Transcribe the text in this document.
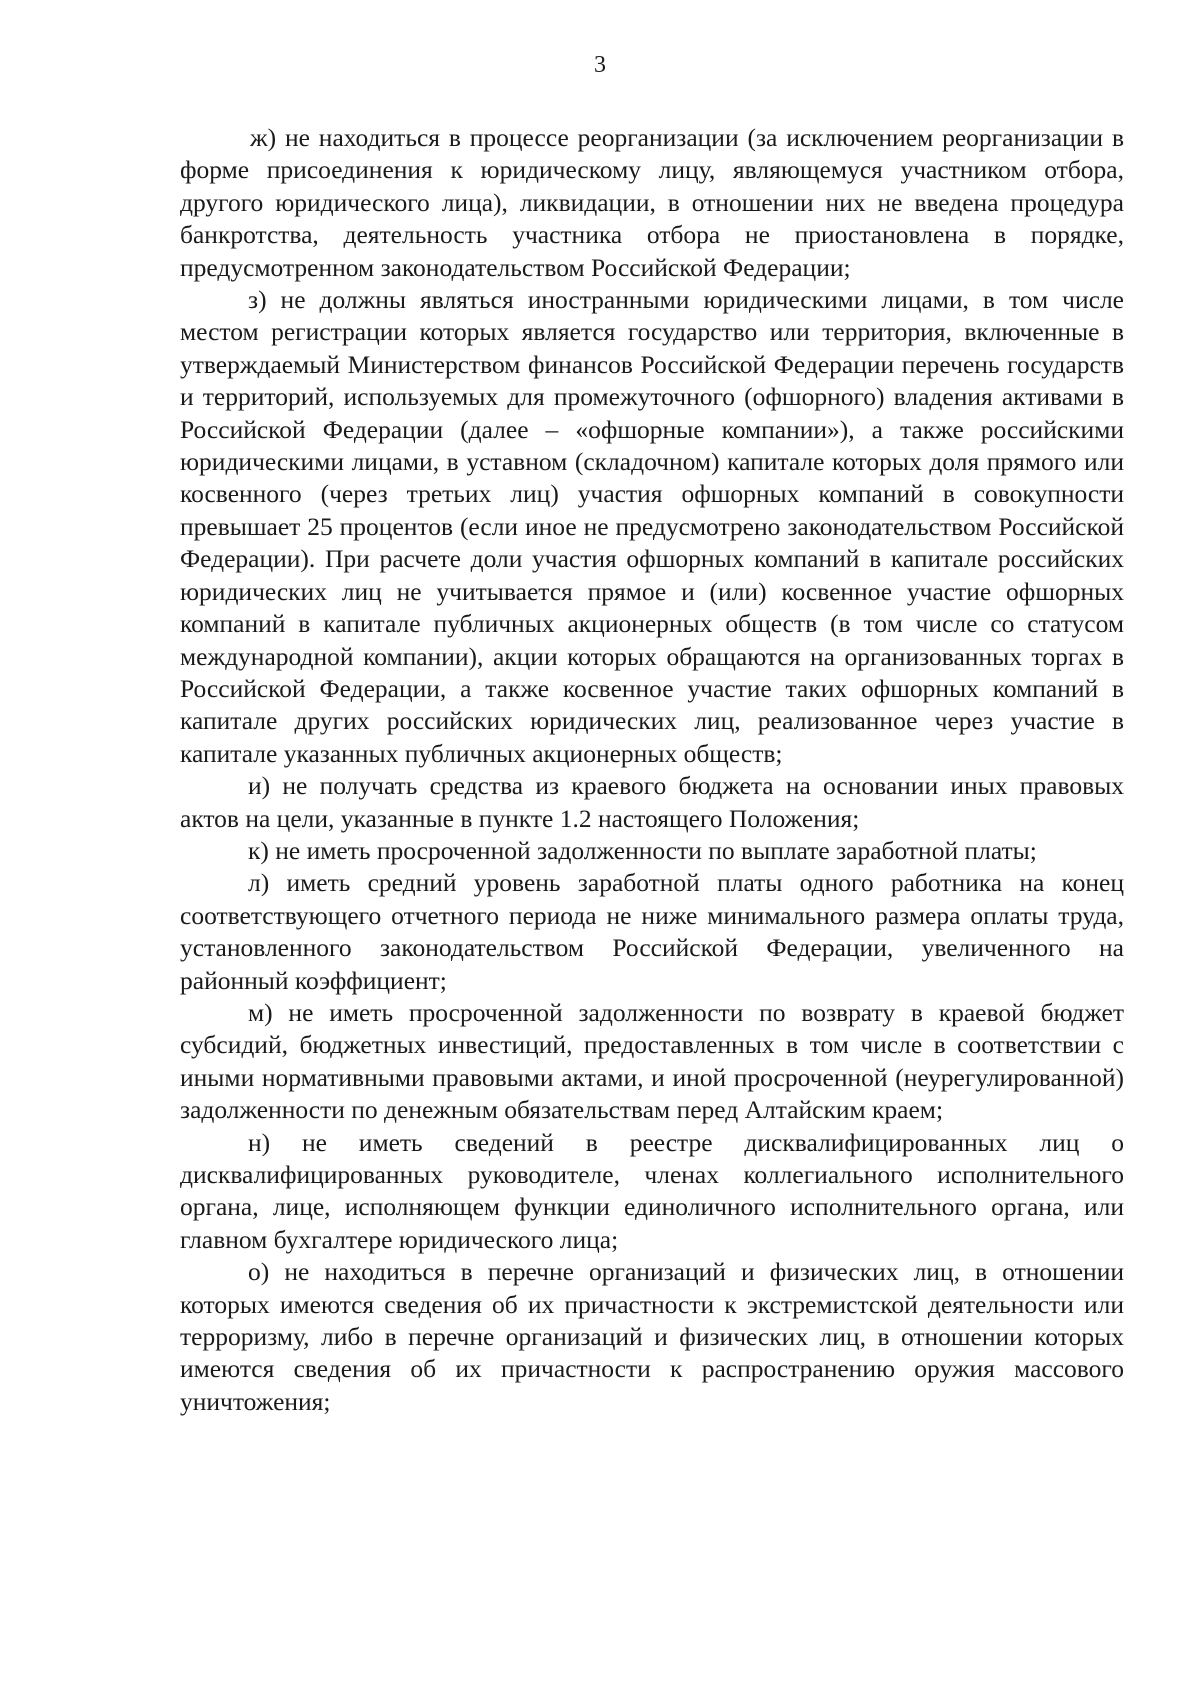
3

ж) не находиться в процессе реорганизации (за исключением реорганизации в форме присоединения к юридическому лицу, являющемуся участником отбора, другого юридического лица), ликвидации, в отношении них не введена процедура банкротства, деятельность участника отбора не приостановлена в порядке, предусмотренном законодательством Российской Федерации;

з) не должны являться иностранными юридическими лицами, в том числе местом регистрации которых является государство или территория, включенные в утверждаемый Министерством финансов Российской Федерации перечень государств и территорий, используемых для промежуточного (офшорного) владения активами в Российской Федерации (далее – «офшорные компании»), а также российскими юридическими лицами, в уставном (складочном) капитале которых доля прямого или косвенного (через третьих лиц) участия офшорных компаний в совокупности превышает 25 процентов (если иное не предусмотрено законодательством Российской Федерации). При расчете доли участия офшорных компаний в капитале российских юридических лиц не учитывается прямое и (или) косвенное участие офшорных компаний в капитале публичных акционерных обществ (в том числе со статусом международной компании), акции которых обращаются на организованных торгах в Российской Федерации, а также косвенное участие таких офшорных компаний в капитале других российских юридических лиц, реализованное через участие в капитале указанных публичных акционерных обществ;

и) не получать средства из краевого бюджета на основании иных правовых актов на цели, указанные в пункте 1.2 настоящего Положения;

к) не иметь просроченной задолженности по выплате заработной платы;

л) иметь средний уровень заработной платы одного работника на конец соответствующего отчетного периода не ниже минимального размера оплаты труда, установленного законодательством Российской Федерации, увеличенного на районный коэффициент;

м) не иметь просроченной задолженности по возврату в краевой бюджет субсидий, бюджетных инвестиций, предоставленных в том числе в соответствии с иными нормативными правовыми актами, и иной просроченной (неурегулированной) задолженности по денежным обязательствам перед Алтайским краем;

н) не иметь сведений в реестре дисквалифицированных лиц о дисквалифицированных руководителе, членах коллегиального исполнительного органа, лице, исполняющем функции единоличного исполнительного органа, или главном бухгалтере юридического лица;

о) не находиться в перечне организаций и физических лиц, в отношении которых имеются сведения об их причастности к экстремистской деятельности или терроризму, либо в перечне организаций и физических лиц, в отношении которых имеются сведения об их причастности к распространению оружия массового уничтожения;
